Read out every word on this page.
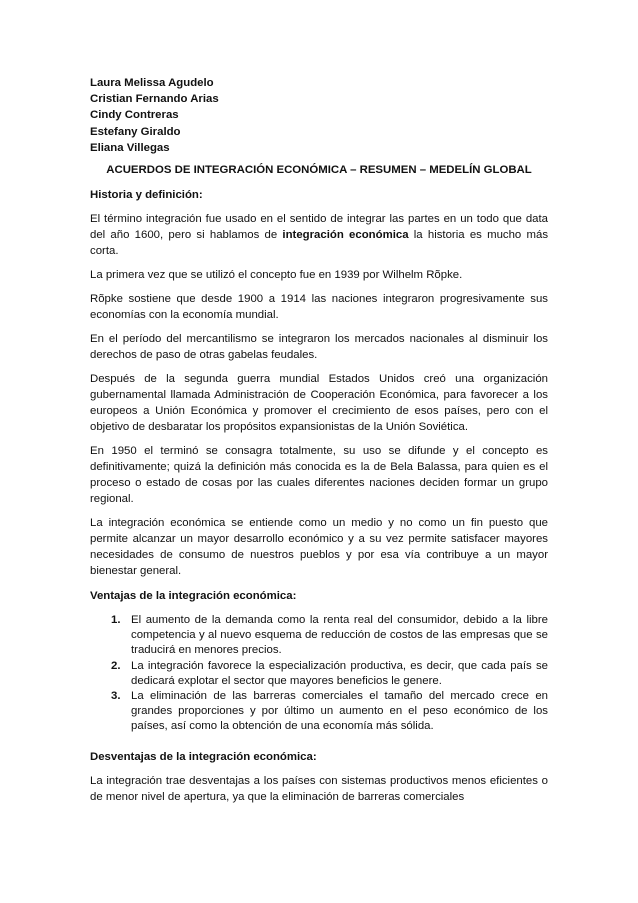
Laura Melissa Agudelo
Cristian Fernando Arias
Cindy Contreras
Estefany Giraldo
Eliana Villegas
ACUERDOS DE INTEGRACIÓN ECONÓMICA – RESUMEN – MEDELÍN GLOBAL
Historia y definición:

El término integración fue usado en el sentido de integrar las partes en un todo que data del año 1600, pero si hablamos de integración económica la historia es mucho más corta.

La primera vez que se utilizó el concepto fue en 1939 por Wilhelm Rõpke.

Rõpke sostiene que desde 1900 a 1914 las naciones integraron progresivamente sus economías con la economía mundial.

En el período del mercantilismo se integraron los mercados nacionales al disminuir los derechos de paso de otras gabelas feudales.

Después de la segunda guerra mundial Estados Unidos creó una organización gubernamental llamada Administración de Cooperación Económica, para favorecer a los europeos a Unión Económica y promover el crecimiento de esos países, pero con el objetivo de desbaratar los propósitos expansionistas de la Unión Soviética.

En 1950 el terminó se consagra totalmente, su uso se difunde y el concepto es definitivamente; quizá la definición más conocida es la de Bela Balassa, para quien es el proceso o estado de cosas por las cuales diferentes naciones deciden formar un grupo regional.

La integración económica se entiende como un medio y no como un fin puesto que permite alcanzar un mayor desarrollo económico y a su vez permite satisfacer mayores necesidades de consumo de nuestros pueblos y por esa vía contribuye a un mayor bienestar general.

Ventajas de la integración económica:
1. El aumento de la demanda como la renta real del consumidor, debido a la libre competencia y al nuevo esquema de reducción de costos de las empresas que se traducirá en menores precios.
2. La integración favorece la especialización productiva, es decir, que cada país se dedicará explotar el sector que mayores beneficios le genere.
3. La eliminación de las barreras comerciales el tamaño del mercado crece en grandes proporciones y por último un aumento en el peso económico de los países, así como la obtención de una economía más sólida.
Desventajas de la integración económica:

La integración trae desventajas a los países con sistemas productivos menos eficientes o de menor nivel de apertura, ya que la eliminación de barreras comerciales
